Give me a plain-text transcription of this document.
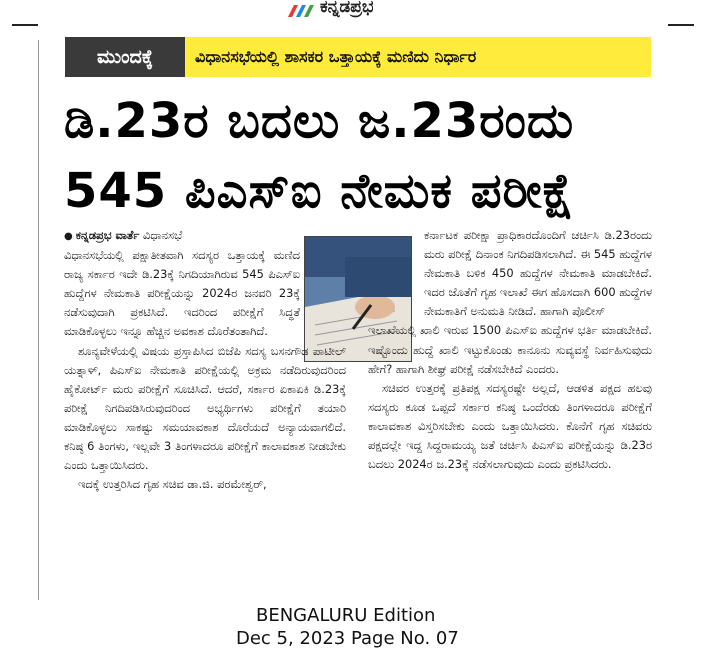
ಕನ್ನಡಪ್ರಭ
ಮುಂದಕ್ಕೆ	ವಿಧಾನಸಭೆಯಲ್ಲಿ ಶಾಸಕರ ಒತ್ತಾಯಕ್ಕೆ ಮಣಿದು ನಿರ್ಧಾರ
ಡಿ.23ರ ಬದಲು ಜ.23ರಂದು
545 ಪಿಎಸ್‌ಐ ನೇಮಕ ಪರೀಕ್ಷೆ

● ಕನ್ನಡಪ್ರಭ ವಾರ್ತೆ ವಿಧಾನಸಭೆ

ವಿಧಾನಸಭೆಯಲ್ಲಿ ಪಕ್ಷಾತೀತವಾಗಿ ಸದಸ್ಯರ ಒತ್ತಾಯಕ್ಕೆ ಮಣಿದ ರಾಜ್ಯ ಸರ್ಕಾರ ಇದೇ ಡಿ.23ಕ್ಕೆ ನಿಗದಿಯಾಗಿರುವ 545 ಪಿಎಸ್‌ಐ ಹುದ್ದೆಗಳ ನೇಮಕಾತಿ ಪರೀಕ್ಷೆಯನ್ನು 2024ರ ಜನವರಿ 23ಕ್ಕೆ ನಡೆಸುವುದಾಗಿ ಪ್ರಕಟಿಸಿದೆ. ಇದರಿಂದ ಪರೀಕ್ಷೆಗೆ ಸಿದ್ಧತೆ ಮಾಡಿಕೊಳ್ಳಲು ಇನ್ನೂ ಹೆಚ್ಚಿನ ಅವಕಾಶ ದೊರೆತಂತಾಗಿದೆ.

ಶೂನ್ಯವೇಳೆಯಲ್ಲಿ ವಿಷಯ ಪ್ರಸ್ತಾಪಿಸಿದ ಬಿಜೆಪಿ ಸದಸ್ಯ ಬಸನಗೌಡ ಪಾಟೀಲ್ ಯತ್ನಾಳ್, ಪಿಎಸ್‌ಐ ನೇಮಕಾತಿ ಪರೀಕ್ಷೆಯಲ್ಲಿ ಅಕ್ರಮ ನಡೆದಿರುವುದರಿಂದ ಹೈಕೋರ್ಟ್ ಮರು ಪರೀಕ್ಷೆಗೆ ಸೂಚಿಸಿದೆ. ಆದರೆ, ಸರ್ಕಾರ ಏಕಾಏಕಿ ಡಿ.23ಕ್ಕೆ ಪರೀಕ್ಷೆ ನಿಗದಿಪಡಿಸಿರುವುದರಿಂದ ಅಭ್ಯರ್ಥಿಗಳು ಪರೀಕ್ಷೆಗೆ ತಯಾರಿ ಮಾಡಿಕೊಳ್ಳಲು ಸಾಕಷ್ಟು ಸಮಯಾವಕಾಶ ದೊರೆಯದೆ ಅನ್ಯಾಯವಾಗಲಿದೆ. ಕನಿಷ್ಠ 6 ತಿಂಗಳು, ಇಲ್ಲವೇ 3 ತಿಂಗಳಾದರೂ ಪರೀಕ್ಷೆಗೆ ಕಾಲಾವಕಾಶ ನೀಡಬೇಕು ಎಂದು ಒತ್ತಾಯಿಸಿದರು.

ಇದಕ್ಕೆ ಉತ್ತರಿಸಿದ ಗೃಹ ಸಚಿವ ಡಾ.ಜಿ. ಪರಮೇಶ್ವರ್,

ಕರ್ನಾಟಕ ಪರೀಕ್ಷಾ ಪ್ರಾಧಿಕಾರದೊಂದಿಗೆ ಚರ್ಚಿಸಿ ಡಿ.23ರಂದು ಮರು ಪರೀಕ್ಷೆ ದಿನಾಂಕ ನಿಗದಿಪಡಿಸಲಾಗಿದೆ. ಈ 545 ಹುದ್ದೆಗಳ ನೇಮಕಾತಿ ಬಳಿಕ 450 ಹುದ್ದೆಗಳ ನೇಮಕಾತಿ ಮಾಡಬೇಕಿದೆ. ಇದರ ಜೊತೆಗೆ ಗೃಹ ಇಲಾಖೆ ಈಗ ಹೊಸದಾಗಿ 600 ಹುದ್ದೆಗಳ ನೇಮಕಾತಿಗೆ ಅನುಮತಿ ನೀಡಿದೆ. ಹಾಗಾಗಿ ಪೊಲೀಸ್

ಇಲಾಖೆಯಲ್ಲಿ ಖಾಲಿ ಇರುವ 1500 ಪಿಎಸ್‌ಐ ಹುದ್ದೆಗಳ ಭರ್ತಿ ಮಾಡಬೇಕಿದೆ. ಇಷ್ಟೊಂದು ಹುದ್ದೆ ಖಾಲಿ ಇಟ್ಟುಕೊಂಡು ಕಾನೂನು ಸುವ್ಯವಸ್ಥೆ ನಿರ್ವಹಿಸುವುದು ಹೇಗೆ? ಹಾಗಾಗಿ ಶೀಘ್ರ ಪರೀಕ್ಷೆ ನಡೆಸಬೇಕಿದೆ ಎಂದರು.

ಸಚಿವರ ಉತ್ತರಕ್ಕೆ ಪ್ರತಿಪಕ್ಷ ಸದಸ್ಯರಷ್ಟೇ ಅಲ್ಲದೆ, ಆಡಳಿತ ಪಕ್ಷದ ಹಲವು ಸದಸ್ಯರು ಕೂಡ ಒಪ್ಪದೆ ಸರ್ಕಾರ ಕನಿಷ್ಠ ಒಂದೆರಡು ತಿಂಗಳಾದರೂ ಪರೀಕ್ಷೆಗೆ ಕಾಲಾವಕಾಶ ವಿಸ್ತರಿಸಬೇಕು ಎಂದು ಒತ್ತಾಯಿಸಿದರು. ಕೊನೆಗೆ ಗೃಹ ಸಚಿವರು ಪಕ್ಷದಲ್ಲೇ ಇದ್ದ ಸಿದ್ದರಾಮಯ್ಯ ಜತೆ ಚರ್ಚಿಸಿ ಪಿಎಸ್‌ಐ ಪರೀಕ್ಷೆಯನ್ನು ಡಿ.23ರ ಬದಲು 2024ರ ಜ.23ಕ್ಕೆ ನಡೆಸಲಾಗುವುದು ಎಂದು ಪ್ರಕಟಿಸಿದರು.

BENGALURU Edition
Dec 5, 2023 Page No. 07
